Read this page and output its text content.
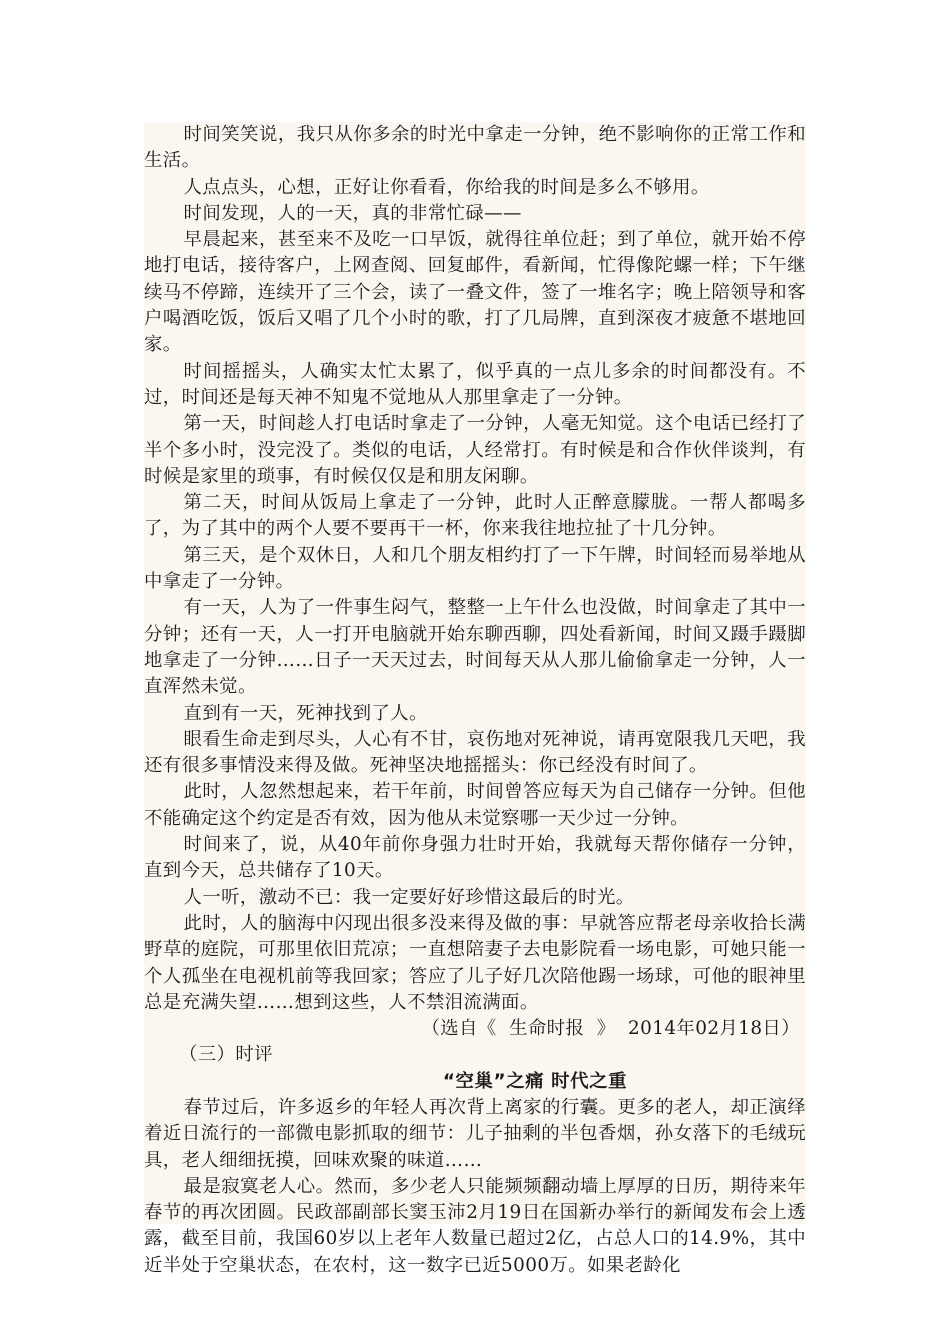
时间笑笑说，我只从你多余的时光中拿走一分钟，绝不影响你的正常工作和生活。

人点点头，心想，正好让你看看，你给我的时间是多么不够用。

时间发现，人的一天，真的非常忙碌——

早晨起来，甚至来不及吃一口早饭，就得往单位赶；到了单位，就开始不停地打电话，接待客户，上网查阅、回复邮件，看新闻，忙得像陀螺一样；下午继续马不停蹄，连续开了三个会，读了一叠文件，签了一堆名字；晚上陪领导和客户喝酒吃饭，饭后又唱了几个小时的歌，打了几局牌，直到深夜才疲惫不堪地回家。

时间摇摇头，人确实太忙太累了，似乎真的一点儿多余的时间都没有。不过，时间还是每天神不知鬼不觉地从人那里拿走了一分钟。

第一天，时间趁人打电话时拿走了一分钟，人毫无知觉。这个电话已经打了半个多小时，没完没了。类似的电话，人经常打。有时候是和合作伙伴谈判，有时候是家里的琐事，有时候仅仅是和朋友闲聊。

第二天，时间从饭局上拿走了一分钟，此时人正醉意朦胧。一帮人都喝多了，为了其中的两个人要不要再干一杯，你来我往地拉扯了十几分钟。

第三天，是个双休日，人和几个朋友相约打了一下午牌，时间轻而易举地从中拿走了一分钟。

有一天，人为了一件事生闷气，整整一上午什么也没做，时间拿走了其中一分钟；还有一天，人一打开电脑就开始东聊西聊，四处看新闻，时间又蹑手蹑脚地拿走了一分钟……日子一天天过去，时间每天从人那儿偷偷拿走一分钟，人一直浑然未觉。

直到有一天，死神找到了人。

眼看生命走到尽头，人心有不甘，哀伤地对死神说，请再宽限我几天吧，我还有很多事情没来得及做。死神坚决地摇摇头：你已经没有时间了。

此时，人忽然想起来，若干年前，时间曾答应每天为自己储存一分钟。但他不能确定这个约定是否有效，因为他从未觉察哪一天少过一分钟。

时间来了，说，从40年前你身强力壮时开始，我就每天帮你储存一分钟，直到今天，总共储存了10天。

人一听，激动不已：我一定要好好珍惜这最后的时光。

此时，人的脑海中闪现出很多没来得及做的事：早就答应帮老母亲收拾长满野草的庭院，可那里依旧荒凉；一直想陪妻子去电影院看一场电影，可她只能一个人孤坐在电视机前等我回家；答应了儿子好几次陪他踢一场球，可他的眼神里总是充满失望……想到这些，人不禁泪流满面。

（选自《  生命时报  》  2014年02月18日）

（三）时评

“空巢”之痛 时代之重

春节过后，许多返乡的年轻人再次背上离家的行囊。更多的老人，却正演绎着近日流行的一部微电影抓取的细节：儿子抽剩的半包香烟，孙女落下的毛绒玩具，老人细细抚摸，回味欢聚的味道……

最是寂寞老人心。然而，多少老人只能频频翻动墙上厚厚的日历，期待来年春节的再次团圆。民政部副部长窦玉沛2月19日在国新办举行的新闻发布会上透露，截至目前，我国60岁以上老年人数量已超过2亿，占总人口的14.9%，其中近半处于空巢状态，在农村，这一数字已近5000万。如果老龄化
